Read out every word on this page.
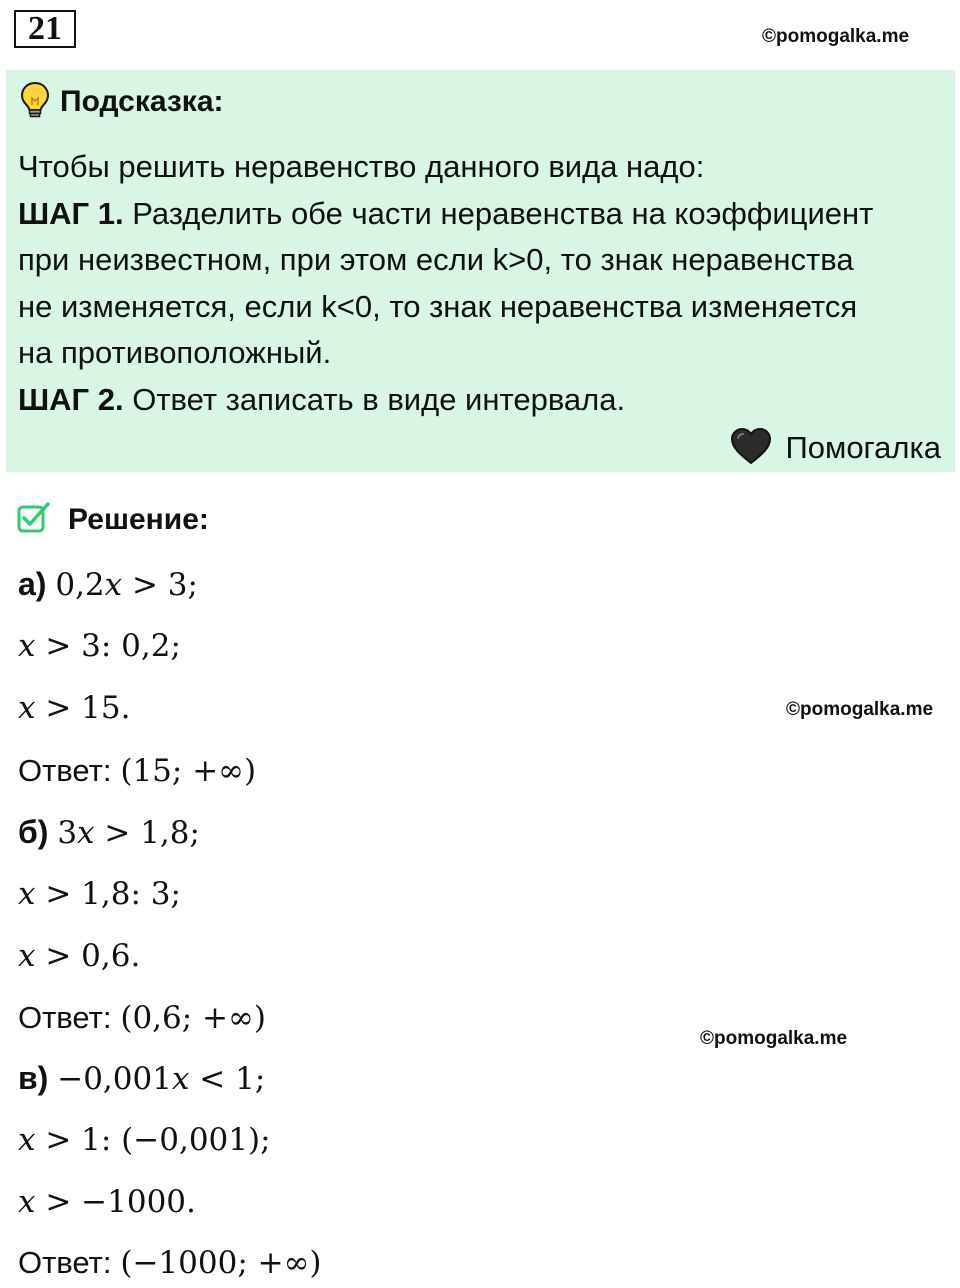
21	©pomogalka.me
Подсказка:
Чтобы решить неравенство данного вида надо:
ШАГ 1. Разделить обе части неравенства на коэффициент
при неизвестном, при этом если k>0, то знак неравенства
не изменяется, если k<0, то знак неравенства изменяется
на противоположный.
ШАГ 2. Ответ записать в виде интервала.
Помогалка
Решение:
а) 0,2𝑥 > 3;
𝑥 > 3: 0,2;
𝑥 > 15.	©pomogalka.me
Ответ: (15; +∞)
б) 3𝑥 > 1,8;
𝑥 > 1,8: 3;
𝑥 > 0,6.
Ответ: (0,6; +∞)
©pomogalka.me
в) −0,001𝑥 < 1;
𝑥 > 1: (−0,001);
𝑥 > −1000.
Ответ: (−1000; +∞)
